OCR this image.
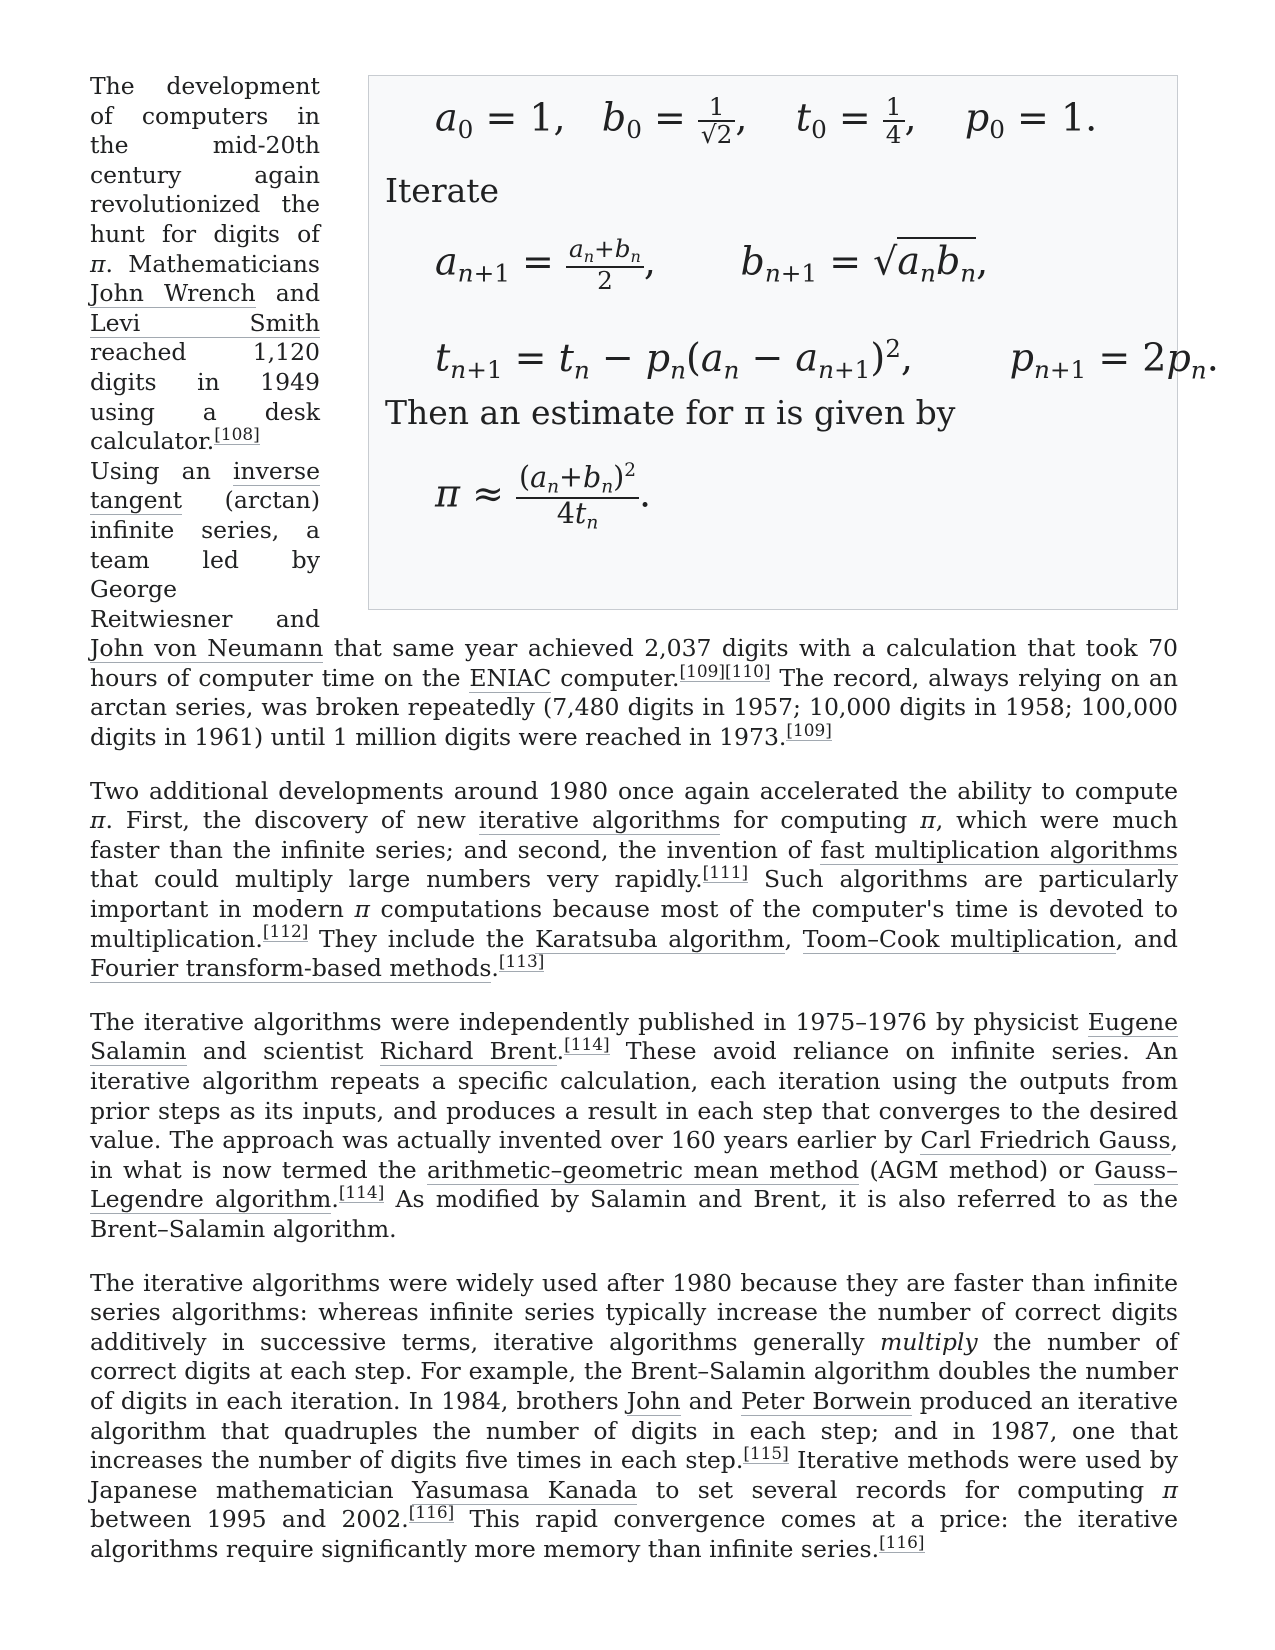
$a_0 = 1$,   $b_0 = \frac{1}{√2}$ ,    $t_0 = \frac{1}{4}$ ,    $p_0 = 1$.
Iterate
$a_{n+1} = \frac{a_n+b_n}{2}$ ,       $b_{n+1} = √a_nb_n$,
$t_{n+1} = t_n - p_n(a_n - a_{n+1})^2$,        $p_{n+1} = 2p_n$.
Then an estimate for π is given by
$\pi \approx \frac{(a_n+b_n)^2}{4t_n}$ .

The development of computers in the mid-20th century again revolutionized the hunt for digits of π. Mathematicians John Wrench and Levi Smith reached 1,120 digits in 1949 using a desk calculator.[108] Using an inverse tangent (arctan) infinite series, a team led by George Reitwiesner and John von Neumann that same year achieved 2,037 digits with a calculation that took 70 hours of computer time on the ENIAC computer.[109][110] The record, always relying on an arctan series, was broken repeatedly (7,480 digits in 1957; 10,000 digits in 1958; 100,000 digits in 1961) until 1 million digits were reached in 1973.[109]

Two additional developments around 1980 once again accelerated the ability to compute π. First, the discovery of new iterative algorithms for computing π, which were much faster than the infinite series; and second, the invention of fast multiplication algorithms that could multiply large numbers very rapidly.[111] Such algorithms are particularly important in modern π computations because most of the computer's time is devoted to multiplication.[112] They include the Karatsuba algorithm, Toom–Cook multiplication, and Fourier transform-based methods.[113]

The iterative algorithms were independently published in 1975–1976 by physicist Eugene Salamin and scientist Richard Brent.[114] These avoid reliance on infinite series. An iterative algorithm repeats a specific calculation, each iteration using the outputs from prior steps as its inputs, and produces a result in each step that converges to the desired value. The approach was actually invented over 160 years earlier by Carl Friedrich Gauss, in what is now termed the arithmetic–geometric mean method (AGM method) or Gauss–Legendre algorithm.[114] As modified by Salamin and Brent, it is also referred to as the Brent–Salamin algorithm.

The iterative algorithms were widely used after 1980 because they are faster than infinite series algorithms: whereas infinite series typically increase the number of correct digits additively in successive terms, iterative algorithms generally multiply the number of correct digits at each step. For example, the Brent–Salamin algorithm doubles the number of digits in each iteration. In 1984, brothers John and Peter Borwein produced an iterative algorithm that quadruples the number of digits in each step; and in 1987, one that increases the number of digits five times in each step.[115] Iterative methods were used by Japanese mathematician Yasumasa Kanada to set several records for computing π between 1995 and 2002.[116] This rapid convergence comes at a price: the iterative algorithms require significantly more memory than infinite series.[116]
